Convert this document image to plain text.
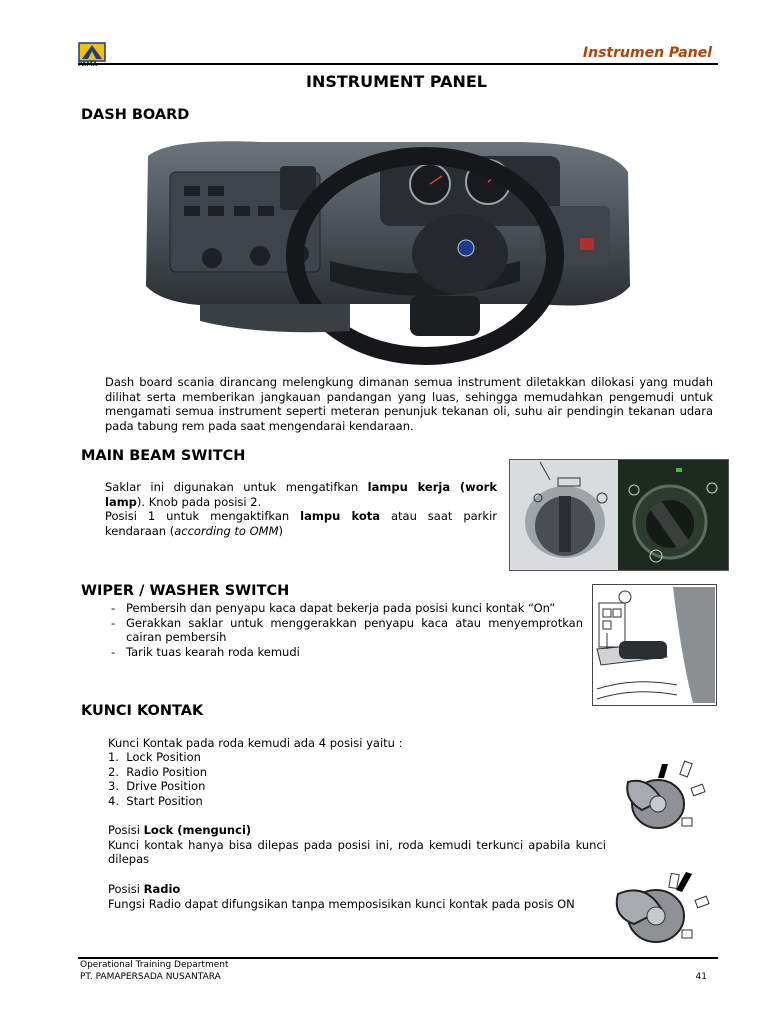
Instrumen Panel
INSTRUMENT PANEL
DASH BOARD
Dash board scania dirancang melengkung dimanan semua instrument diletakkan dilokasi yang mudah dilihat serta memberikan jangkauan pandangan yang luas, sehingga memudahkan pengemudi untuk mengamati semua instrument seperti meteran penunjuk tekanan oli, suhu air pendingin tekanan udara pada tabung rem pada saat mengendarai kendaraan.
MAIN BEAM SWITCH
Saklar ini digunakan untuk mengatifkan lampu kerja (work lamp). Knob pada posisi 2.
Posisi 1 untuk mengaktifkan lampu kota atau saat parkir kendaraan (according to OMM)
WIPER / WASHER SWITCH
- Pembersih dan penyapu kaca dapat bekerja pada posisi kunci kontak “On”
- Gerakkan saklar untuk menggerakkan penyapu kaca atau menyemprotkan cairan pembersih
- Tarik tuas kearah roda kemudi
KUNCI KONTAK
Kunci Kontak pada roda kemudi ada 4 posisi yaitu :
1.  Lock Position
2.  Radio Position
3.  Drive Position
4.  Start Position
Posisi Lock (mengunci)
Kunci kontak hanya bisa dilepas pada posisi ini, roda kemudi terkunci apabila kunci dilepas
Posisi Radio
Fungsi Radio dapat difungsikan tanpa memposisikan kunci kontak pada posis ON
Operational Training Department
PT. PAMAPERSADA NUSANTARA	41
